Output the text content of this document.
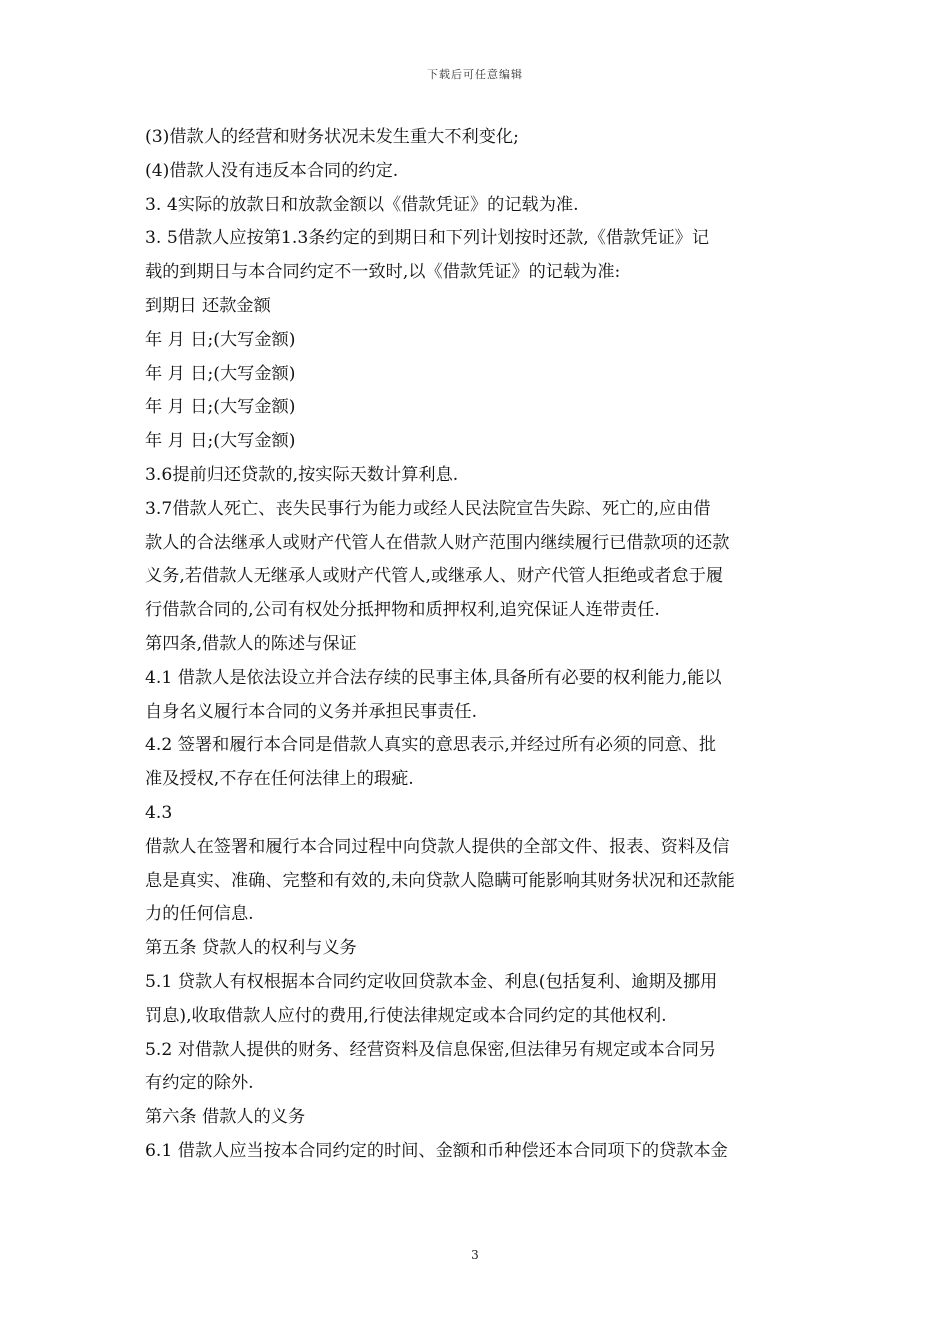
下载后可任意编辑
(3)借款人的经营和财务状况未发生重大不利变化;
(4)借款人没有违反本合同的约定.
3. 4实际的放款日和放款金额以《借款凭证》的记载为准.
3. 5借款人应按第1.3条约定的到期日和下列计划按时还款,《借款凭证》记
载的到期日与本合同约定不一致时,以《借款凭证》的记载为准:
到期日 还款金额
年 月 日;(大写金额)
年 月 日;(大写金额)
年 月 日;(大写金额)
年 月 日;(大写金额)
3.6提前归还贷款的,按实际天数计算利息.
3.7借款人死亡、丧失民事行为能力或经人民法院宣告失踪、死亡的,应由借
款人的合法继承人或财产代管人在借款人财产范围内继续履行已借款项的还款
义务,若借款人无继承人或财产代管人,或继承人、财产代管人拒绝或者怠于履
行借款合同的,公司有权处分抵押物和质押权利,追究保证人连带责任.
第四条,借款人的陈述与保证
4.1 借款人是依法设立并合法存续的民事主体,具备所有必要的权利能力,能以
自身名义履行本合同的义务并承担民事责任.
4.2 签署和履行本合同是借款人真实的意思表示,并经过所有必须的同意、批
准及授权,不存在任何法律上的瑕疵.
4.3
借款人在签署和履行本合同过程中向贷款人提供的全部文件、报表、资料及信
息是真实、准确、完整和有效的,未向贷款人隐瞒可能影响其财务状况和还款能
力的任何信息.
第五条 贷款人的权利与义务
5.1 贷款人有权根据本合同约定收回贷款本金、利息(包括复利、逾期及挪用
罚息),收取借款人应付的费用,行使法律规定或本合同约定的其他权利.
5.2 对借款人提供的财务、经营资料及信息保密,但法律另有规定或本合同另
有约定的除外.
第六条 借款人的义务
6.1 借款人应当按本合同约定的时间、金额和币种偿还本合同项下的贷款本金
3
